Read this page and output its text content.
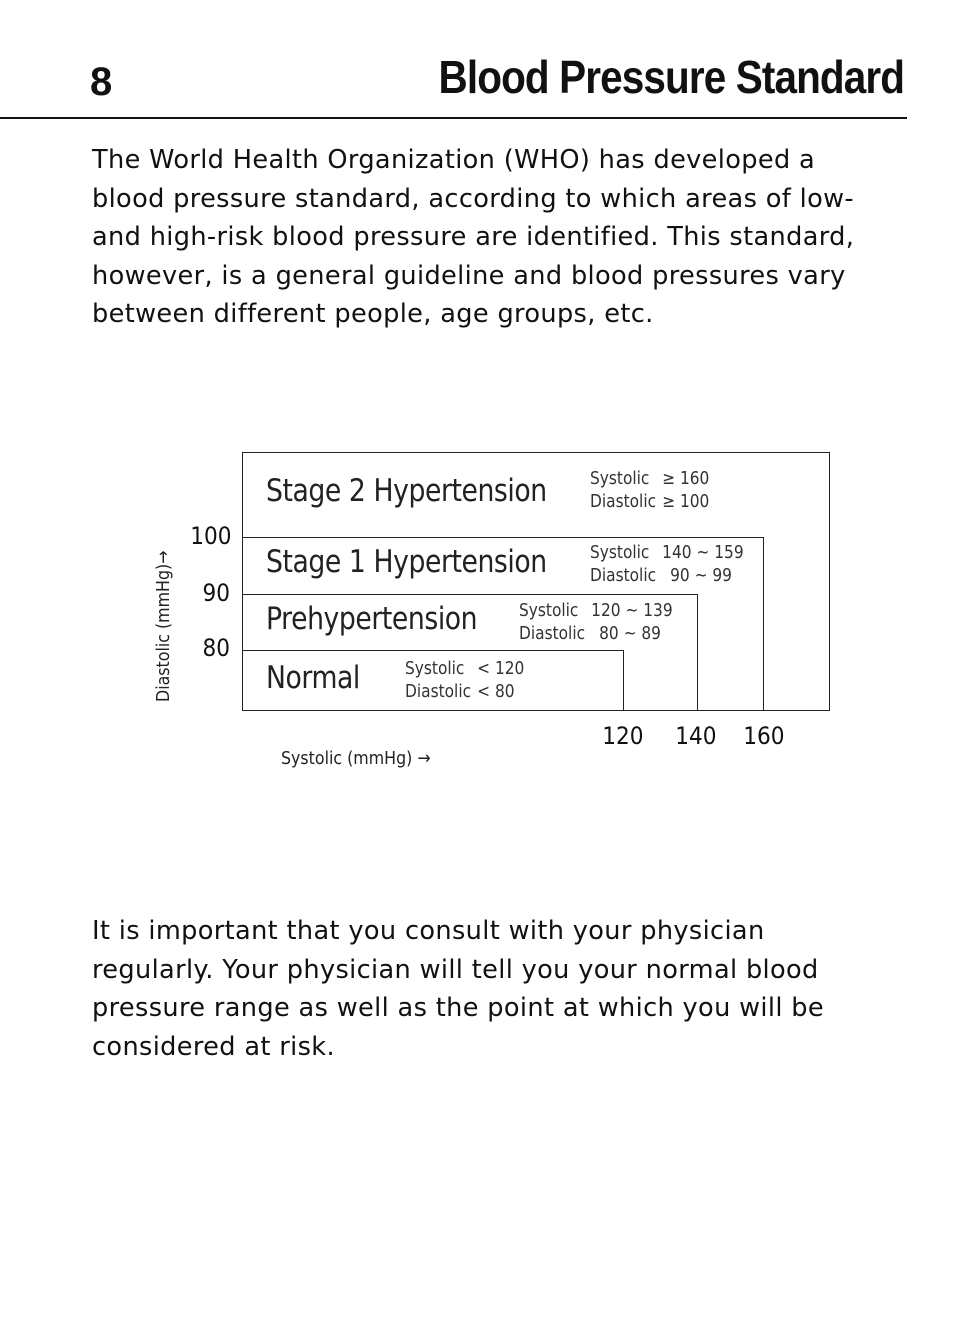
8	Blood Pressure Standard

The World Health Organization (WHO) has developed a blood pressure standard, according to which areas of low- and high-risk blood pressure are identified. This standard, however, is a general guideline and blood pressures vary between different people, age groups, etc.

Stage 2 Hypertension
Stage 1 Hypertension
Prehypertension
Normal
Systolic ≥ 160
Diastolic ≥ 100
Systolic 140 ~ 159
Diastolic 90 ~ 99
Systolic 120 ~ 139
Diastolic 80 ~ 89
Systolic < 120
Diastolic < 80
100
90
80
120 140 160
Systolic (mmHg) →
Diastolic (mmHg)→

It is important that you consult with your physician regularly. Your physician will tell you your normal blood pressure range as well as the point at which you will be considered at risk.
